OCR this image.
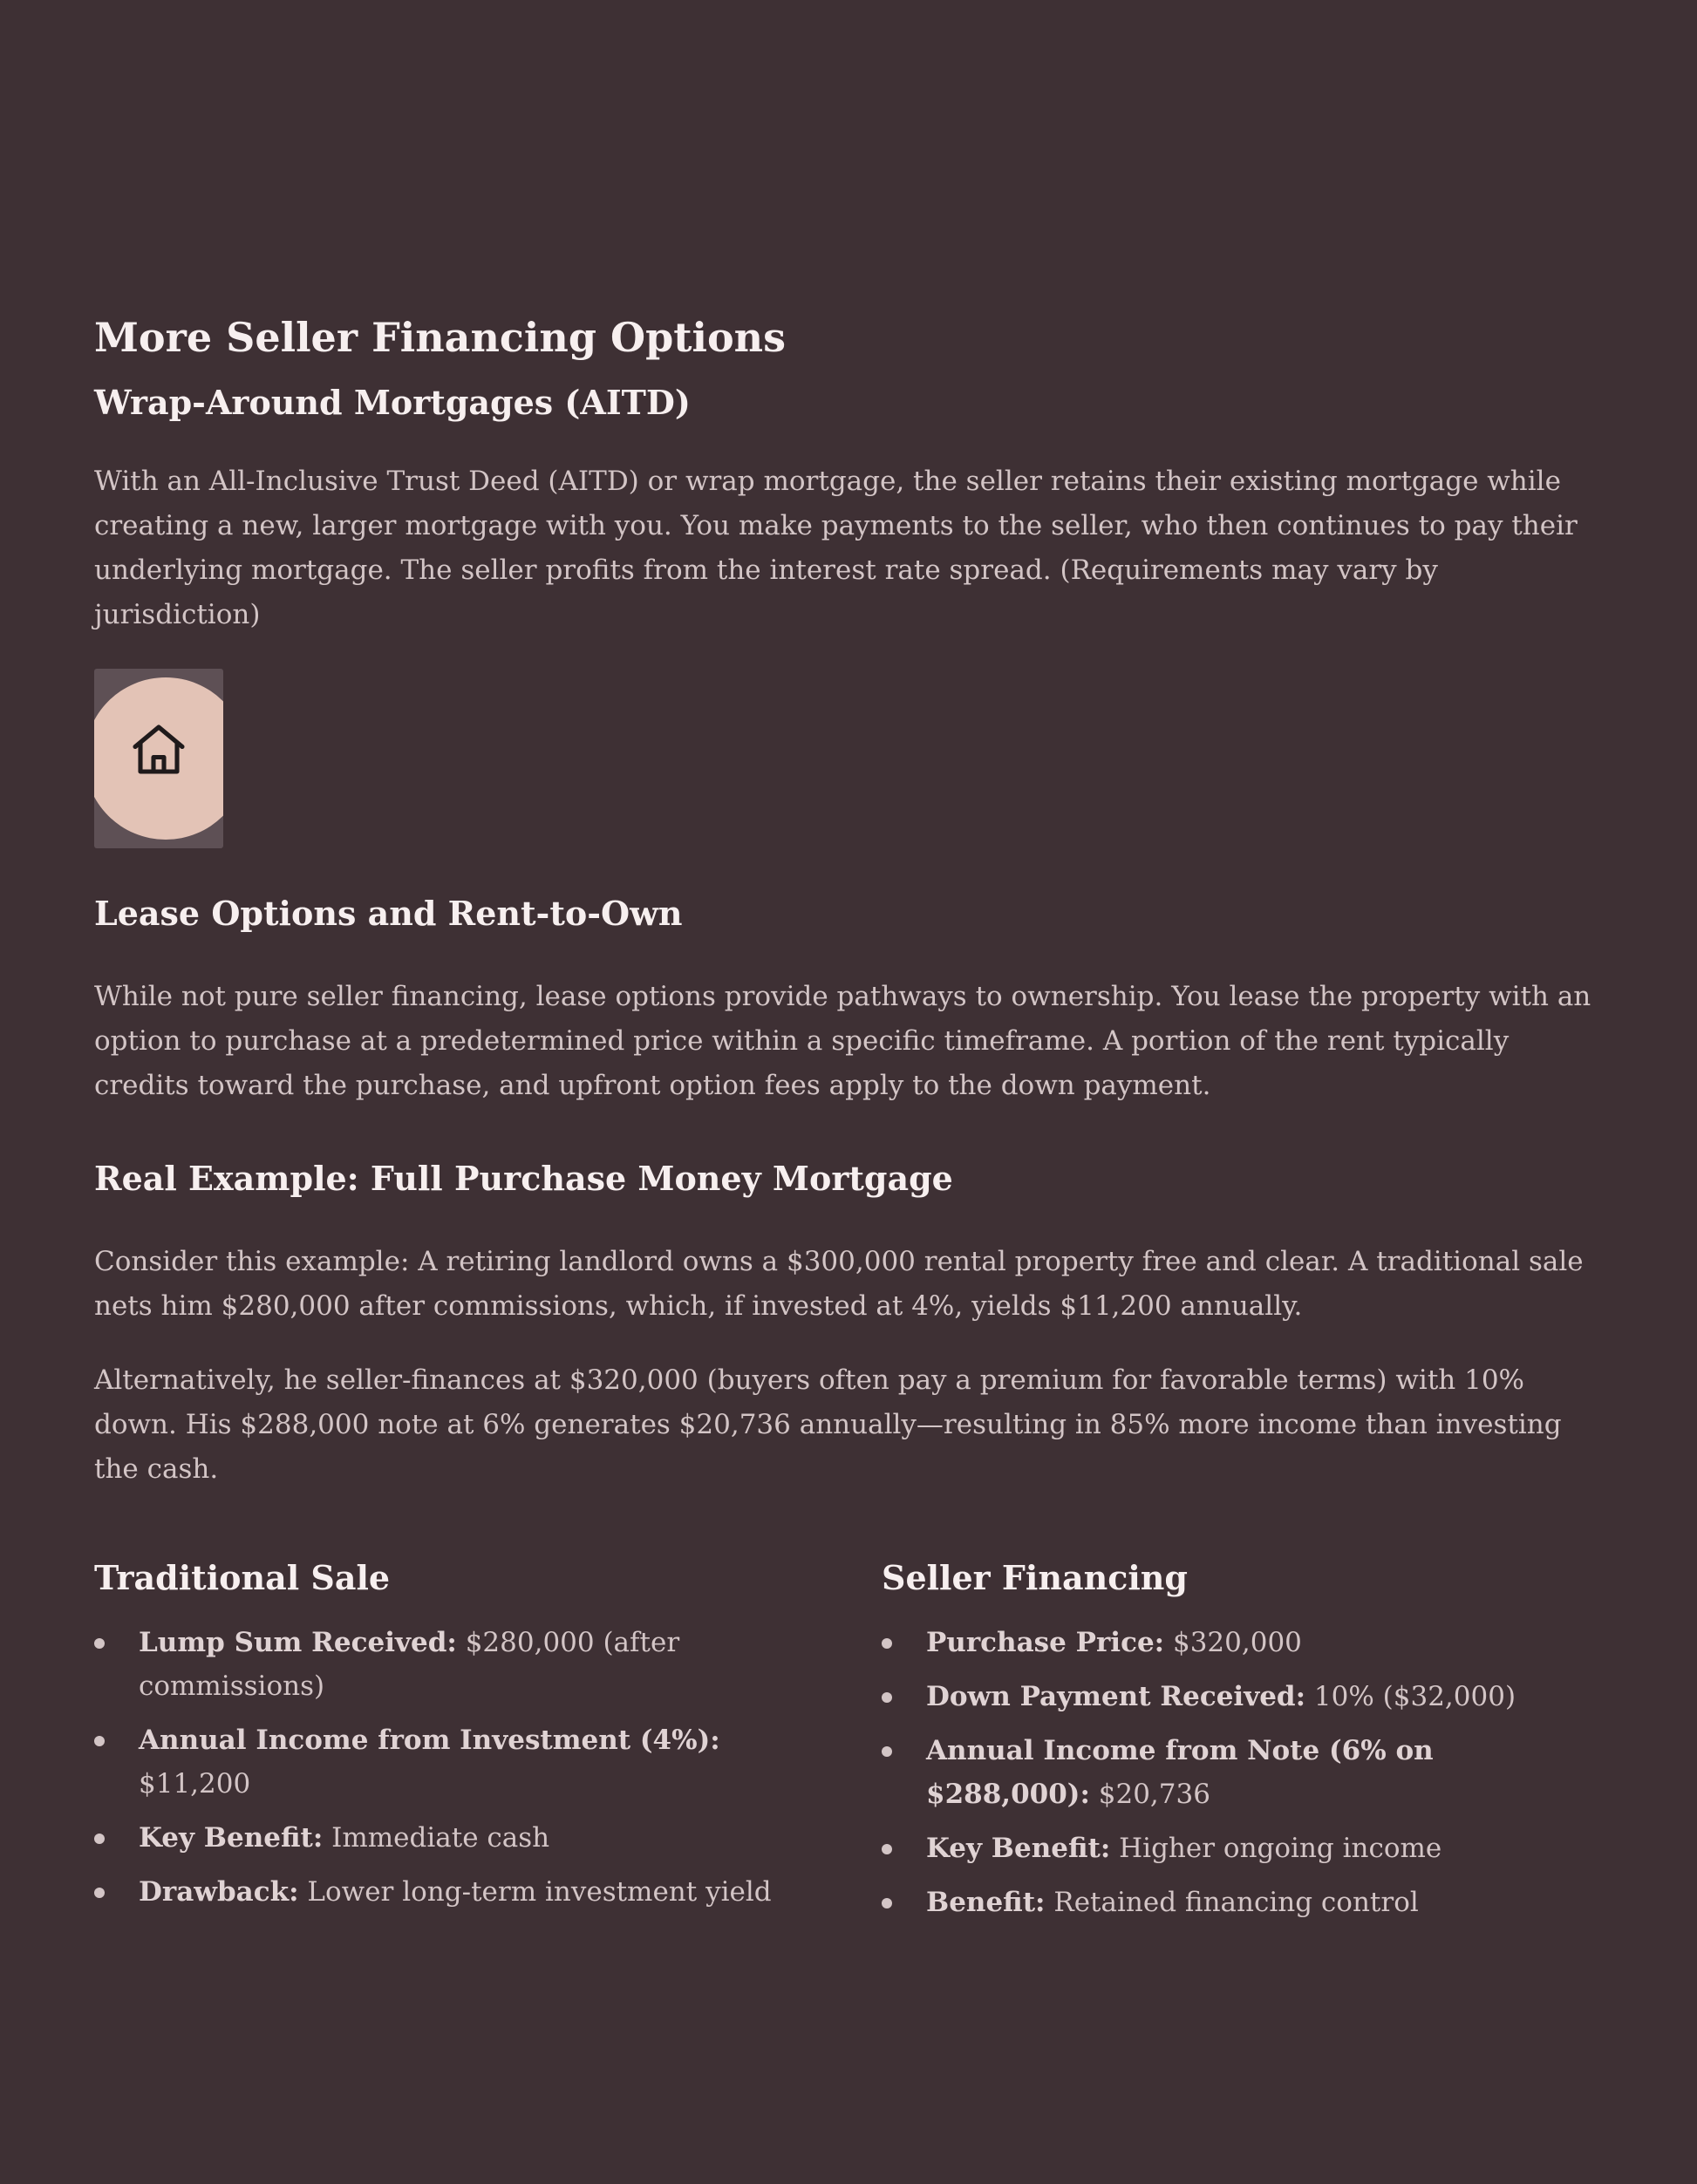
More Seller Financing Options
Wrap-Around Mortgages (AITD)

With an All-Inclusive Trust Deed (AITD) or wrap mortgage, the seller retains their existing mortgage while creating a new, larger mortgage with you. You make payments to the seller, who then continues to pay their underlying mortgage. The seller profits from the interest rate spread. (Requirements may vary by jurisdiction)

Lease Options and Rent-to-Own

While not pure seller financing, lease options provide pathways to ownership. You lease the property with an option to purchase at a predetermined price within a specific timeframe. A portion of the rent typically credits toward the purchase, and upfront option fees apply to the down payment.

Real Example: Full Purchase Money Mortgage

Consider this example: A retiring landlord owns a $300,000 rental property free and clear. A traditional sale nets him $280,000 after commissions, which, if invested at 4%, yields $11,200 annually.

Alternatively, he seller-finances at $320,000 (buyers often pay a premium for favorable terms) with 10% down. His $288,000 note at 6% generates $20,736 annually—resulting in 85% more income than investing the cash.

Traditional Sale
Lump Sum Received: $280,000 (after commissions)
Annual Income from Investment (4%): $11,200
Key Benefit: Immediate cash
Drawback: Lower long-term investment yield
Seller Financing
Purchase Price: $320,000
Down Payment Received: 10% ($32,000)
Annual Income from Note (6% on $288,000): $20,736
Key Benefit: Higher ongoing income
Benefit: Retained financing control
